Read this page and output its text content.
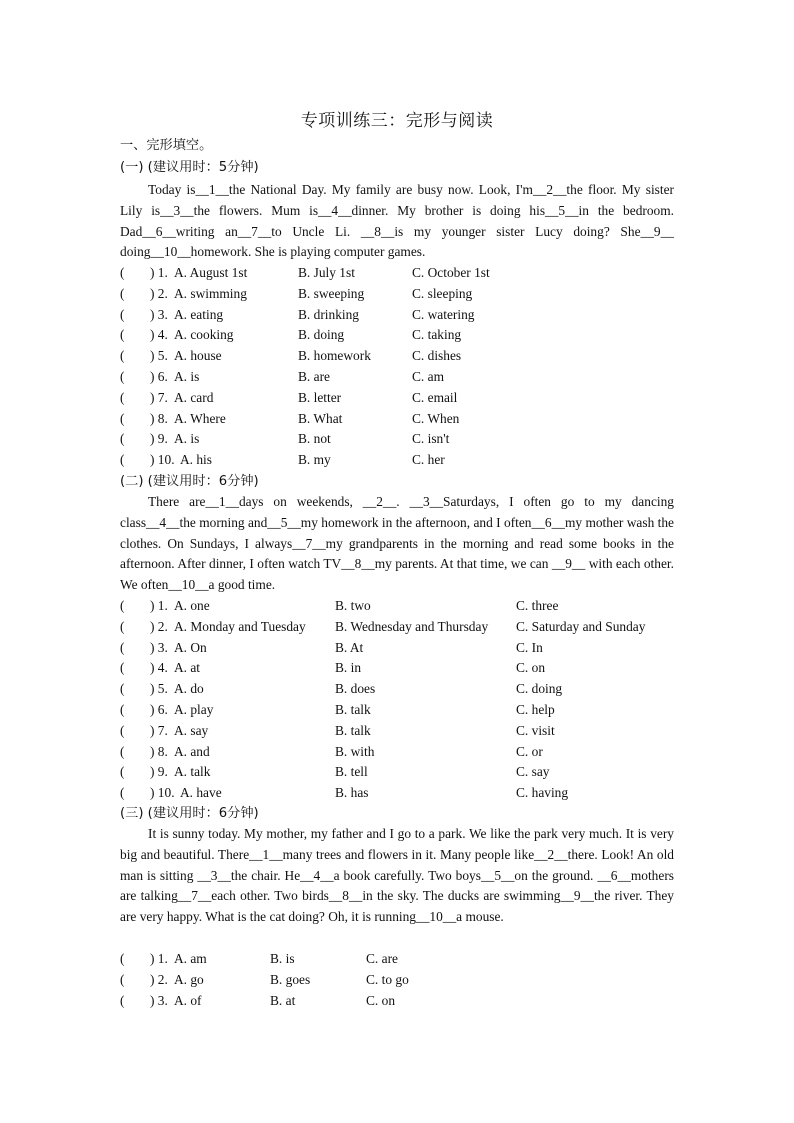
专项训练三：完形与阅读
一、完形填空。
(一) (建议用时：5分钟)

Today is__1__the National Day. My family are busy now. Look, I'm__2__the floor. My sister Lily is__3__the flowers. Mum is__4__dinner. My brother is doing his__5__in the bedroom. Dad__6__writing an__7__to Uncle Li. __8__is my younger sister Lucy doing? She__9__ doing__10__homework. She is playing computer games.

( ) 1. A. August 1st	B. July 1st	C. October 1st
( ) 2. A. swimming	B. sweeping	C. sleeping
( ) 3. A. eating	B. drinking	C. watering
( ) 4. A. cooking	B. doing	C. taking
( ) 5. A. house	B. homework	C. dishes
( ) 6. A. is	B. are	C. am
( ) 7. A. card	B. letter	C. email
( ) 8. A. Where	B. What	C. When
( ) 9. A. is	B. not	C. isn't
( ) 10. A. his	B. my	C. her
(二) (建议用时：6分钟)

There are__1__days on weekends, __2__. __3__Saturdays, I often go to my dancing class__4__the morning and__5__my homework in the afternoon, and I often__6__my mother wash the clothes. On Sundays, I always__7__my grandparents in the morning and read some books in the afternoon. After dinner, I often watch TV__8__my parents. At that time, we can __9__ with each other. We often__10__a good time.

( ) 1. A. one	B. two	C. three
( ) 2. A. Monday and Tuesday B. Wednesday and Thursday C. Saturday and Sunday
( ) 3. A. On	B. At	C. In
( ) 4. A. at	B. in	C. on
( ) 5. A. do	B. does	C. doing
( ) 6. A. play	B. talk	C. help
( ) 7. A. say	B. talk	C. visit
( ) 8. A. and	B. with	C. or
( ) 9. A. talk	B. tell	C. say
( ) 10. A. have	B. has	C. having
(三) (建议用时：6分钟)

It is sunny today. My mother, my father and I go to a park. We like the park very much. It is very big and beautiful. There__1__many trees and flowers in it. Many people like__2__there. Look! An old man is sitting __3__the chair. He__4__a book carefully. Two boys__5__on the ground. __6__mothers are talking__7__each other. Two birds__8__in the sky. The ducks are swimming__9__the river. They are very happy. What is the cat doing? Oh, it is running__10__a mouse.

( ) 1. A. am	B. is	C. are
( ) 2. A. go	B. goes	C. to go
( ) 3. A. of	B. at	C. on
